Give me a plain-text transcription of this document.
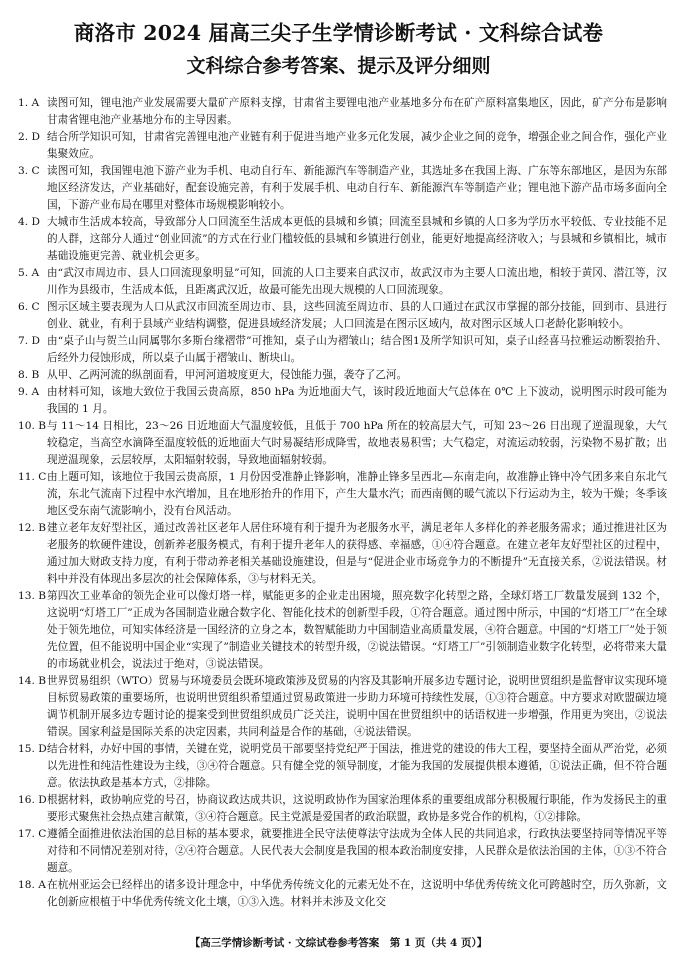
商洛市 2024 届高三尖子生学情诊断考试 · 文科综合试卷
文科综合参考答案、提示及评分细则
1. A 读图可知，锂电池产业发展需要大量矿产原料支撑，甘肃省主要锂电池产业基地多分布在矿产原料富集地区，因此，矿产分布是影响甘肃省锂电池产业基地分布的主导因素。
2. D 结合所学知识可知，甘肃省完善锂电池产业链有利于促进当地产业多元化发展，减少企业之间的竞争，增强企业之间合作，强化产业集聚效应。
3. C 读图可知，我国锂电池下游产业为手机、电动自行车、新能源汽车等制造产业，其选址多在我国上海、广东等东部地区，是因为东部地区经济发达，产业基础好，配套设施完善，有利于发展手机、电动自行车、新能源汽车等制造产业；锂电池下游产品市场多面向全国，下游产业布局在哪里对整体市场规模影响较小。
4. D 大城市生活成本较高，导致部分人口回流至生活成本更低的县城和乡镇；回流至县城和乡镇的人口多为学历水平较低、专业技能不足的人群，这部分人通过“创业回流”的方式在行业门槛较低的县城和乡镇进行创业，能更好地提高经济收入；与县城和乡镇相比，城市基础设施更完善、就业机会更多。
5. A 由“武汉市周边市、县人口回流现象明显”可知，回流的人口主要来自武汉市，故武汉市为主要人口流出地，相较于黄冈、潜江等，汉川作为县级市，生活成本低，且距离武汉近，故最可能先出现大规模的人口回流现象。
6. C 图示区域主要表现为人口从武汉市回流至周边市、县，这些回流至周边市、县的人口通过在武汉市掌握的部分技能，回到市、县进行创业、就业，有利于县域产业结构调整，促进县域经济发展；人口回流是在图示区域内，故对图示区域人口老龄化影响较小。
7. D 由“桌子山与贺兰山同属鄂尔多斯台缘褶带”可推知，桌子山为褶皱山；结合图1及所学知识可知，桌子山经喜马拉雅运动断裂抬升、后经外力侵蚀形成，所以桌子山属于褶皱山、断块山。
8. B 从甲、乙两河流的纵剖面看，甲河河道坡度更大，侵蚀能力强，袭夺了乙河。
9. A 由材料可知，该地大致位于我国云贵高原，850 hPa 为近地面大气，该时段近地面大气总体在 0℃ 上下波动，说明图示时段可能为我国的 1 月。
10. B 与 11～14 日相比，23～26 日近地面大气温度较低，且低于 700 hPa 所在的较高层大气，可知 23～26 日出现了逆温现象，大气较稳定，当高空水滴降至温度较低的近地面大气时易凝结形成降雪，故地表易积雪；大气稳定，对流运动较弱，污染物不易扩散；出现逆温现象，云层较厚，太阳辐射较弱，导致地面辐射较弱。
11. C 由上题可知，该地位于我国云贵高原，1 月份因受准静止锋影响，准静止锋多呈西北—东南走向，故准静止锋中冷气团多来自东北气流，东北气流南下过程中水汽增加，且在地形抬升的作用下，产生大量水汽；而西南侧的暖气流以下行运动为主，较为干燥；冬季该地区受东南气流影响小，没有台风活动。
12. B 建立老年友好型社区，通过改善社区老年人居住环境有利于提升为老服务水平，满足老年人多样化的养老服务需求；通过推进社区为老服务的软硬件建设，创新养老服务模式，有利于提升老年人的获得感、幸福感，①④符合题意。在建立老年友好型社区的过程中，通过加大财政支持力度，有利于带动养老相关基础设施建设，但是与“促进企业市场竞争力的不断提升”无直接关系，②说法错误。材料中并没有体现出多层次的社会保障体系，③与材料无关。
13. B 第四次工业革命的领先企业可以像灯塔一样，赋能更多的企业走出困境，照亮数字化转型之路，全球灯塔工厂数量发展到 132 个，这说明“灯塔工厂”正成为各国制造业融合数字化、智能化技术的创新型手段，①符合题意。通过图中所示，中国的“灯塔工厂”在全球处于领先地位，可知实体经济是一国经济的立身之本，数智赋能助力中国制造业高质量发展，④符合题意。中国的“灯塔工厂”处于领先位置，但不能说明中国企业“实现了”制造业关键技术的转型升级，②说法错误。“灯塔工厂”引领制造业数字化转型，必将带来大量的市场就业机会，说法过于绝对，③说法错误。
14. B 世界贸易组织（WTO）贸易与环境委员会既环境政策涉及贸易的内容及其影响开展多边专题讨论，说明世贸组织是监督审议实现环境目标贸易政策的重要场所，也说明世贸组织希望通过贸易政策进一步助力环境可持续性发展，①③符合题意。中方要求对欧盟碳边境调节机制开展多边专题讨论的提案受到世贸组织成员广泛关注，说明中国在世贸组织中的话语权进一步增强，作用更为突出，②说法错误。国家利益是国际关系的决定因素，共同利益是合作的基础，④说法错误。
15. D 结合材料，办好中国的事情，关键在党，说明党员干部要坚持党纪严于国法，推进党的建设的伟大工程，要坚持全面从严治党，必须以先进性和纯洁性建设为主线，③④符合题意。只有健全党的领导制度，才能为我国的发展提供根本遵循，①说法正确，但不符合题意。依法执政是基本方式，②排除。
16. D 根据材料，政协响应党的号召，协商议政达成共识，这说明政协作为国家治理体系的重要组成部分积极履行职能，作为发扬民主的重要形式聚焦社会热点建言献策，③④符合题意。民主党派是爱国者的政治联盟，政协是多党合作的机构，①②排除。
17. C 遵循全面推进依法治国的总目标的基本要求，就要推进全民守法使尊法守法成为全体人民的共同追求，行政执法要坚持同等情况平等对待和不同情况差别对待，②④符合题意。人民代表大会制度是我国的根本政治制度安排，人民群众是依法治国的主体，①③不符合题意。
18. A 在杭州亚运会已经样出的诸多设计理念中，中华优秀传统文化的元素无处不在，这说明中华优秀传统文化可跨越时空，历久弥新，文化创新应根植于中华优秀传统文化土壤，①③入选。材料并未涉及文化交
【高三学情诊断考试 · 文综试卷参考答案　第 1 页（共 4 页）】
